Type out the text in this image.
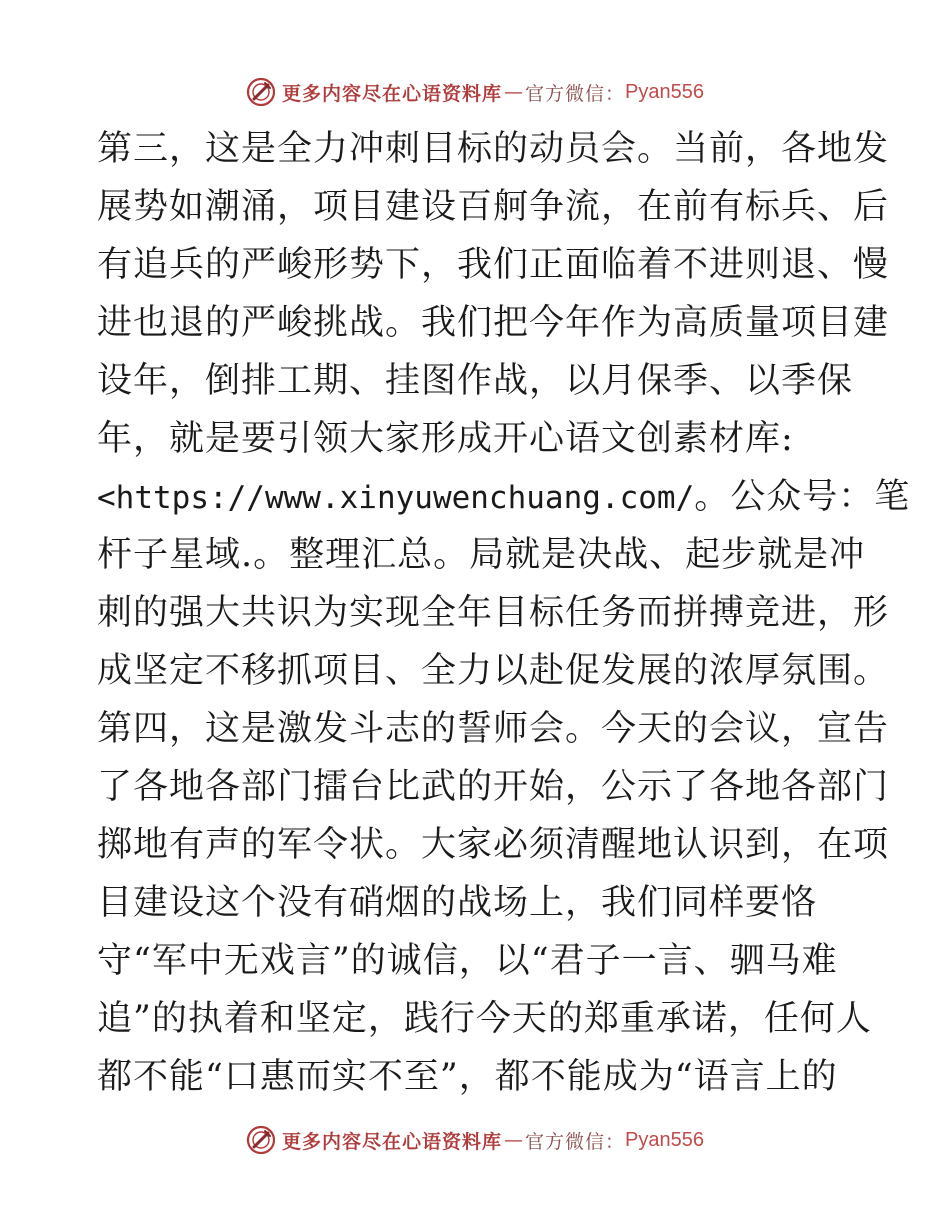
更多内容尽在心语资料库 — 官方微信： Pyan556
第三，这是全力冲刺目标的动员会。当前，各地发
展势如潮涌，项目建设百舸争流，在前有标兵、后
有追兵的严峻形势下，我们正面临着不进则退、慢
进也退的严峻挑战。我们把今年作为高质量项目建
设年，倒排工期、挂图作战，以月保季、以季保
年，就是要引领大家形成开心语文创素材库:
<https://www.xinyuwenchuang.com/。公众号：笔
杆子星域.。整理汇总。局就是决战、起步就是冲
刺的强大共识为实现全年目标任务而拼搏竞进，形
成坚定不移抓项目、全力以赴促发展的浓厚氛围。
第四，这是激发斗志的誓师会。今天的会议，宣告
了各地各部门擂台比武的开始，公示了各地各部门
掷地有声的军令状。大家必须清醒地认识到，在项
目建设这个没有硝烟的战场上，我们同样要恪
守“军中无戏言”的诚信，以“君子一言、驷马难
追”的执着和坚定，践行今天的郑重承诺，任何人
都不能“口惠而实不至”，都不能成为“语言上的
更多内容尽在心语资料库 — 官方微信： Pyan556
